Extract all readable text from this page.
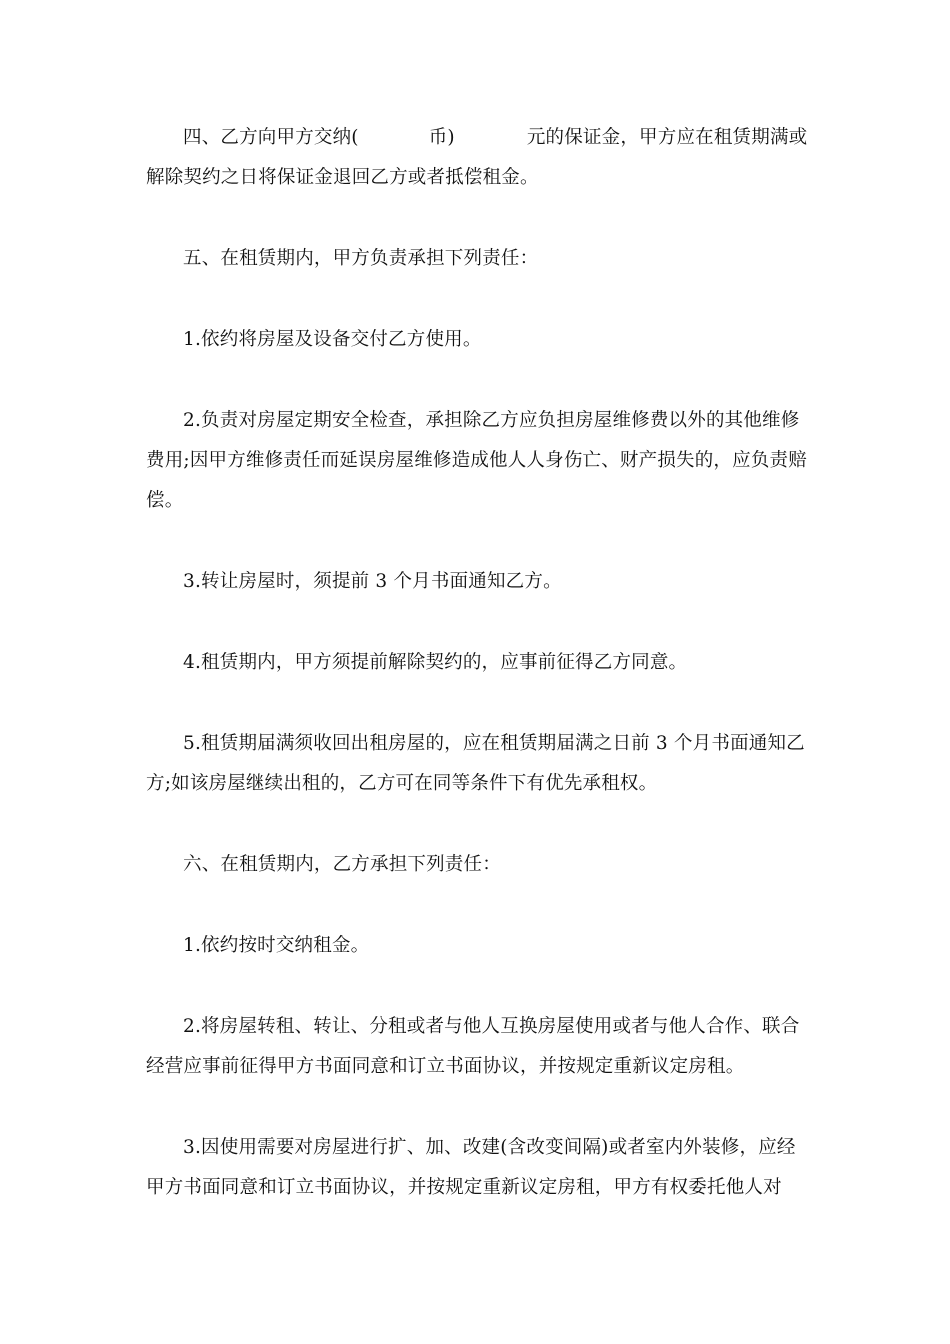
四、乙方向甲方交纳(	币)	元的保证金，甲方应在租赁期满或解除契约之日将保证金退回乙方或者抵偿租金。

五、在租赁期内，甲方负责承担下列责任：

1.依约将房屋及设备交付乙方使用。

2.负责对房屋定期安全检查，承担除乙方应负担房屋维修费以外的其他维修费用;因甲方维修责任而延误房屋维修造成他人人身伤亡、财产损失的，应负责赔偿。

3.转让房屋时，须提前 3 个月书面通知乙方。

4.租赁期内，甲方须提前解除契约的，应事前征得乙方同意。

5.租赁期届满须收回出租房屋的，应在租赁期届满之日前 3 个月书面通知乙方;如该房屋继续出租的，乙方可在同等条件下有优先承租权。

六、在租赁期内，乙方承担下列责任：

1.依约按时交纳租金。

2.将房屋转租、转让、分租或者与他人互换房屋使用或者与他人合作、联合经营应事前征得甲方书面同意和订立书面协议，并按规定重新议定房租。

3.因使用需要对房屋进行扩、加、改建(含改变间隔)或者室内外装修，应经甲方书面同意和订立书面协议，并按规定重新议定房租，甲方有权委托他人对
